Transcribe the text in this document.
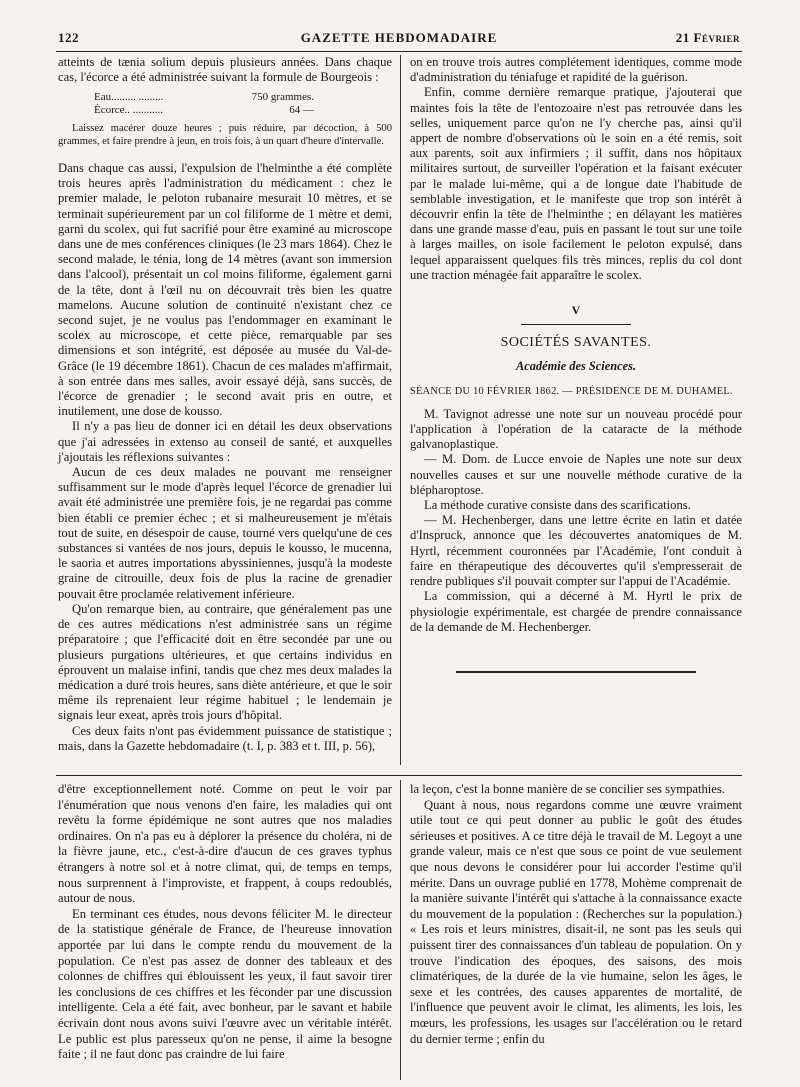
122	GAZETTE HEBDOMADAIRE	21 Février

atteints de tænia solium depuis plusieurs années. Dans chaque cas, l'écorce a été administrée suivant la formule de Bourgeois :

Eau......... .........	750 grammes.
Écorce.. ...........	64 —

Laissez macérer douze heures ; puis réduire, par décoction, à 500 grammes, et faire prendre à jeun, en trois fois, à un quart d'heure d'intervalle.

Dans chaque cas aussi, l'expulsion de l'helminthe a été complète trois heures après l'administration du médicament : chez le premier malade, le peloton rubanaire mesurait 10 mètres, et se terminait supérieurement par un col filiforme de 1 mètre et demi, garni du scolex, qui fut sacrifié pour être examiné au microscope dans une de mes conférences cliniques (le 23 mars 1864). Chez le second malade, le ténia, long de 14 mètres (avant son immersion dans l'alcool), présentait un col moins filiforme, également garni de la tête, dont à l'œil nu on découvrait très bien les quatre mamelons. Aucune solution de continuité n'existant chez ce second sujet, je ne voulus pas l'endommager en examinant le scolex au microscope, et cette pièce, remarquable par ses dimensions et son intégrité, est déposée au musée du Val-de-Grâce (le 19 décembre 1861). Chacun de ces malades m'affirmait, à son entrée dans mes salles, avoir essayé déjà, sans succès, de l'écorce de grenadier ; le second avait pris en outre, et inutilement, une dose de kousso.

Il n'y a pas lieu de donner ici en détail les deux observations que j'ai adressées in extenso au conseil de santé, et auxquelles j'ajoutais les réflexions suivantes :

Aucun de ces deux malades ne pouvant me renseigner suffisamment sur le mode d'après lequel l'écorce de grenadier lui avait été administrée une première fois, je ne regardai pas comme bien établi ce premier échec ; et si malheureusement je m'étais tout de suite, en désespoir de cause, tourné vers quelqu'une de ces substances si vantées de nos jours, depuis le kousso, le mucenna, le saoria et autres importations abyssiniennes, jusqu'à la modeste graine de citrouille, deux fois de plus la racine de grenadier pouvait être proclamée relativement inférieure.

Qu'on remarque bien, au contraire, que généralement pas une de ces autres médications n'est administrée sans un régime préparatoire ; que l'efficacité doit en être secondée par une ou plusieurs purgations ultérieures, et que certains individus en éprouvent un malaise infini, tandis que chez mes deux malades la médication a duré trois heures, sans diète antérieure, et que le soir même ils reprenaient leur régime habituel ; le lendemain je signais leur exeat, après trois jours d'hôpital.

Ces deux faits n'ont pas évidemment puissance de statistique ; mais, dans la Gazette hebdomadaire (t. I, p. 383 et t. III, p. 56),

on en trouve trois autres complétement identiques, comme mode d'administration du téniafuge et rapidité de la guérison.

Enfin, comme dernière remarque pratique, j'ajouterai que maintes fois la tête de l'entozoaire n'est pas retrouvée dans les selles, uniquement parce qu'on ne l'y cherche pas, ainsi qu'il appert de nombre d'observations où le soin en a été remis, soit aux parents, soit aux infirmiers ; il suffit, dans nos hôpitaux militaires surtout, de surveiller l'opération et la faisant exécuter par le malade lui-même, qui a de longue date l'habitude de semblable investigation, et le manifeste que trop son intérêt à découvrir enfin la tête de l'helminthe ; en délayant les matières dans une grande masse d'eau, puis en passant le tout sur une toile à larges mailles, on isole facilement le peloton expulsé, dans lequel apparaissent quelques fils très minces, replis du col dont une traction ménagée fait apparaître le scolex.

V
SOCIÉTÉS SAVANTES.
Académie des Sciences.
SÉANCE DU 10 FÉVRIER 1862. — PRÉSIDENCE DE M. DUHAMEL.

M. Tavignot adresse une note sur un nouveau procédé pour l'application à l'opération de la cataracte de la méthode galvanoplastique.

— M. Dom. de Lucce envoie de Naples une note sur deux nouvelles causes et sur une nouvelle méthode curative de la blépharoptose.

La méthode curative consiste dans des scarifications.

— M. Hechenberger, dans une lettre écrite en latin et datée d'Inspruck, annonce que les découvertes anatomiques de M. Hyrtl, récemment couronnées par l'Académie, l'ont conduit à faire en thérapeutique des découvertes qu'il s'empresserait de rendre publiques s'il pouvait compter sur l'appui de l'Académie.

La commission, qui a décerné à M. Hyrtl le prix de physiologie expérimentale, est chargée de prendre connaissance de la demande de M. Hechenberger.

d'être exceptionnellement noté. Comme on peut le voir par l'énumération que nous venons d'en faire, les maladies qui ont revêtu la forme épidémique ne sont autres que nos maladies ordinaires. On n'a pas eu à déplorer la présence du choléra, ni de la fièvre jaune, etc., c'est-à-dire d'aucun de ces graves typhus étrangers à notre sol et à notre climat, qui, de temps en temps, nous surprennent à l'improviste, et frappent, à coups redoublés, autour de nous.

En terminant ces études, nous devons féliciter M. le directeur de la statistique générale de France, de l'heureuse innovation apportée par lui dans le compte rendu du mouvement de la population. Ce n'est pas assez de donner des tableaux et des colonnes de chiffres qui éblouissent les yeux, il faut savoir tirer les conclusions de ces chiffres et les féconder par une discussion intelligente. Cela a été fait, avec bonheur, par le savant et habile écrivain dont nous avons suivi l'œuvre avec un véritable intérêt. Le public est plus paresseux qu'on ne pense, il aime la besogne faite ; il ne faut donc pas craindre de lui faire

la leçon, c'est la bonne manière de se concilier ses sympathies.

Quant à nous, nous regardons comme une œuvre vraiment utile tout ce qui peut donner au public le goût des études sérieuses et positives. A ce titre déjà le travail de M. Legoyt a une grande valeur, mais ce n'est que sous ce point de vue seulement que nous devons le considérer pour lui accorder l'estime qu'il mérite. Dans un ouvrage publié en 1778, Mohème comprenait de la manière suivante l'intérêt qui s'attache à la connaissance exacte du mouvement de la population : (Recherches sur la population.) « Les rois et leurs ministres, disait-il, ne sont pas les seuls qui puissent tirer des connaissances d'un tableau de population. On y trouve l'indication des époques, des saisons, des mois climatériques, de la durée de la vie humaine, selon les âges, le sexe et les contrées, des causes apparentes de mortalité, de l'influence que peuvent avoir le climat, les aliments, les lois, les mœurs, les professions, les usages sur l'accélération ou le retard du dernier terme ; enfin du
